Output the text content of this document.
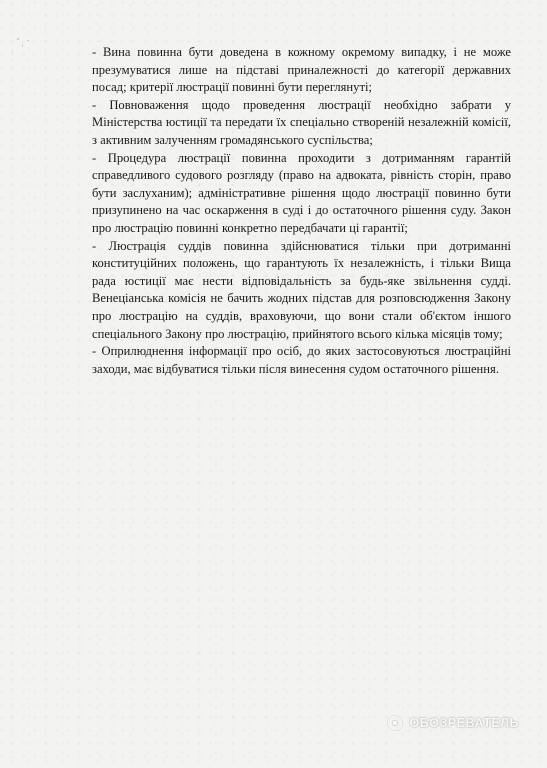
- Вина повинна бути доведена в кожному окремому випадку, і не може презумуватися лише на підставі приналежності до категорії державних посад; критерії люстрації повинні бути переглянуті;

- Повноваження щодо проведення люстрації необхідно забрати у Міністерства юстиції та передати їх спеціально створеній незалежній комісії, з активним залученням громадянського суспільства;

- Процедура люстрації повинна проходити з дотриманням гарантій справедливого судового розгляду (право на адвоката, рівність сторін, право бути заслуханим); адміністративне рішення щодо люстрації повинно бути призупинено на час оскарження в суді і до остаточного рішення суду. Закон про люстрацію повинні конкретно передбачати ці гарантії;

- Люстрація суддів повинна здійснюватися тільки при дотриманні конституційних положень, що гарантують їх незалежність, і тільки Вища рада юстиції має нести відповідальність за будь-яке звільнення судді. Венеціанська комісія не бачить жодних підстав для розповсюдження Закону про люстрацію на суддів, враховуючи, що вони стали об'єктом іншого спеціального Закону про люстрацію, прийнятого всього кілька місяців тому;

- Оприлюднення інформації про осіб, до яких застосовуються люстраційні заходи, має відбуватися тільки після винесення судом остаточного рішення.

ОБОЗРЕВАТЕЛЬ
